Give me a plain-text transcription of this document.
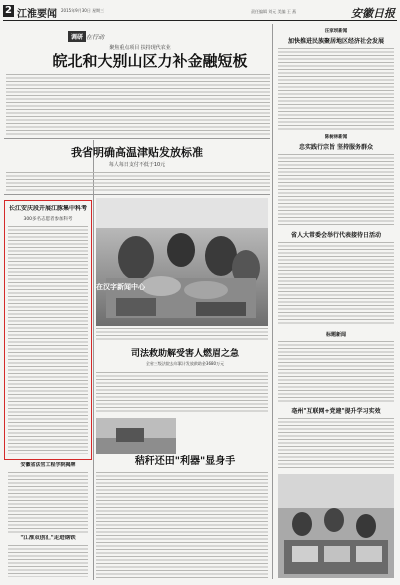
2 江淮要闻 2015年9月30日 星期三	责任编辑 刘元 美编 王 燕	安徽日报
调研 在行动
聚焦重点项目 扶持现代农业
皖北和大别山区力补金融短板
我省明确高温津贴发放标准
每人每日支付不低于10元
长江安庆段开展江豚集中科考
300多名志愿者参加科考
在汉字新闻中心
司法救助解受害人燃眉之急
全省三级法院去年累计发放救助金3680万元
安徽省法官工程学院揭牌
"江淮双创汇"走进钢铁
秸秆还田"利器"显身手
汪家坝新闻
加快推进民族聚居地区经济社会发展
陈树林新闻
忠实践行宗旨 坚持服务群众
省人大常委会举行代表接待日活动
标题新闻
亳州"互联网+党建"提升学习实效
